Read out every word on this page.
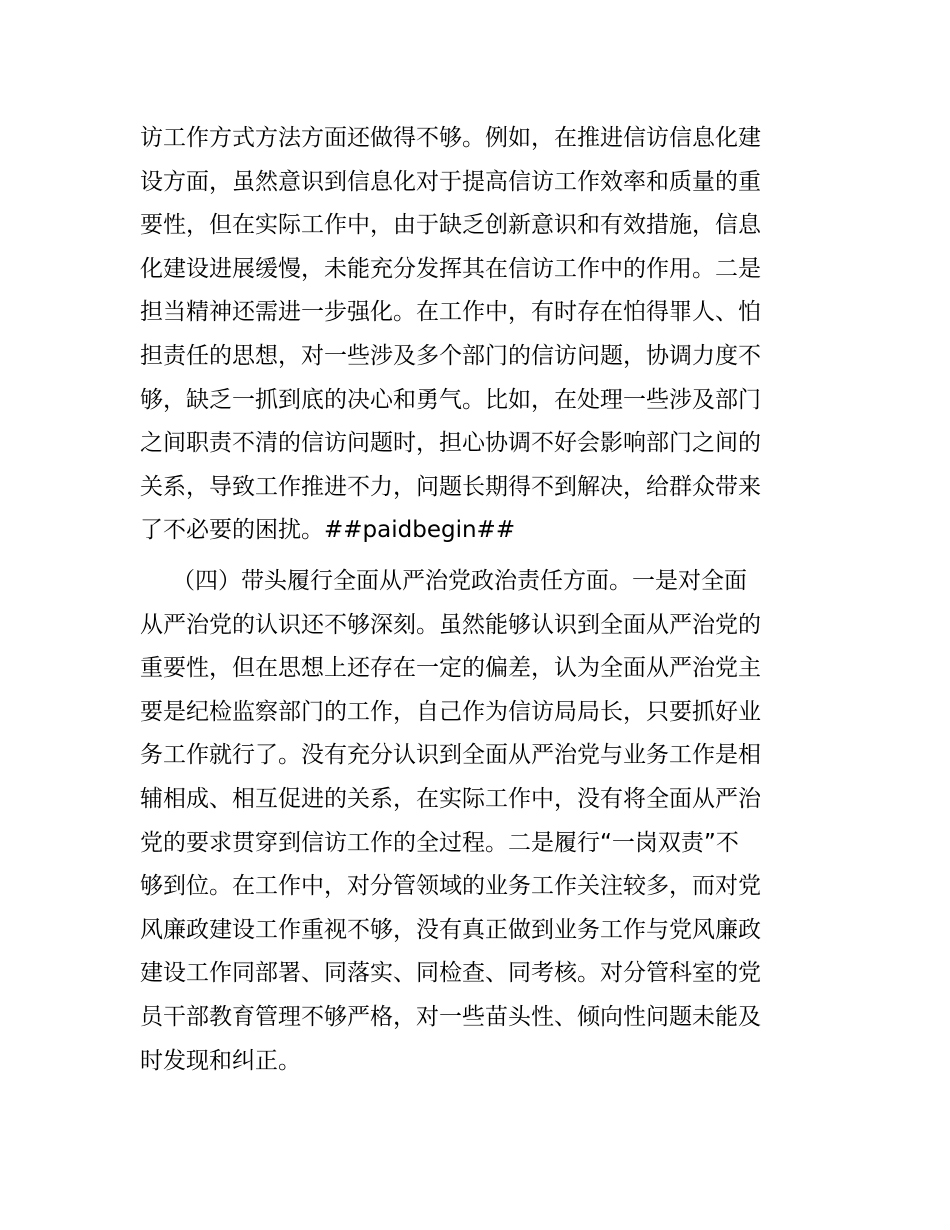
访工作方式方法方面还做得不够。例如，在推进信访信息化建
设方面，虽然意识到信息化对于提高信访工作效率和质量的重
要性，但在实际工作中，由于缺乏创新意识和有效措施，信息
化建设进展缓慢，未能充分发挥其在信访工作中的作用。二是
担当精神还需进一步强化。在工作中，有时存在怕得罪人、怕
担责任的思想，对一些涉及多个部门的信访问题，协调力度不
够，缺乏一抓到底的决心和勇气。比如，在处理一些涉及部门
之间职责不清的信访问题时，担心协调不好会影响部门之间的
关系，导致工作推进不力，问题长期得不到解决，给群众带来
了不必要的困扰。##paidbegin##
（四）带头履行全面从严治党政治责任方面。一是对全面
从严治党的认识还不够深刻。虽然能够认识到全面从严治党的
重要性，但在思想上还存在一定的偏差，认为全面从严治党主
要是纪检监察部门的工作，自己作为信访局局长，只要抓好业
务工作就行了。没有充分认识到全面从严治党与业务工作是相
辅相成、相互促进的关系，在实际工作中，没有将全面从严治
党的要求贯穿到信访工作的全过程。二是履行“一岗双责”不
够到位。在工作中，对分管领域的业务工作关注较多，而对党
风廉政建设工作重视不够，没有真正做到业务工作与党风廉政
建设工作同部署、同落实、同检查、同考核。对分管科室的党
员干部教育管理不够严格，对一些苗头性、倾向性问题未能及
时发现和纠正。
